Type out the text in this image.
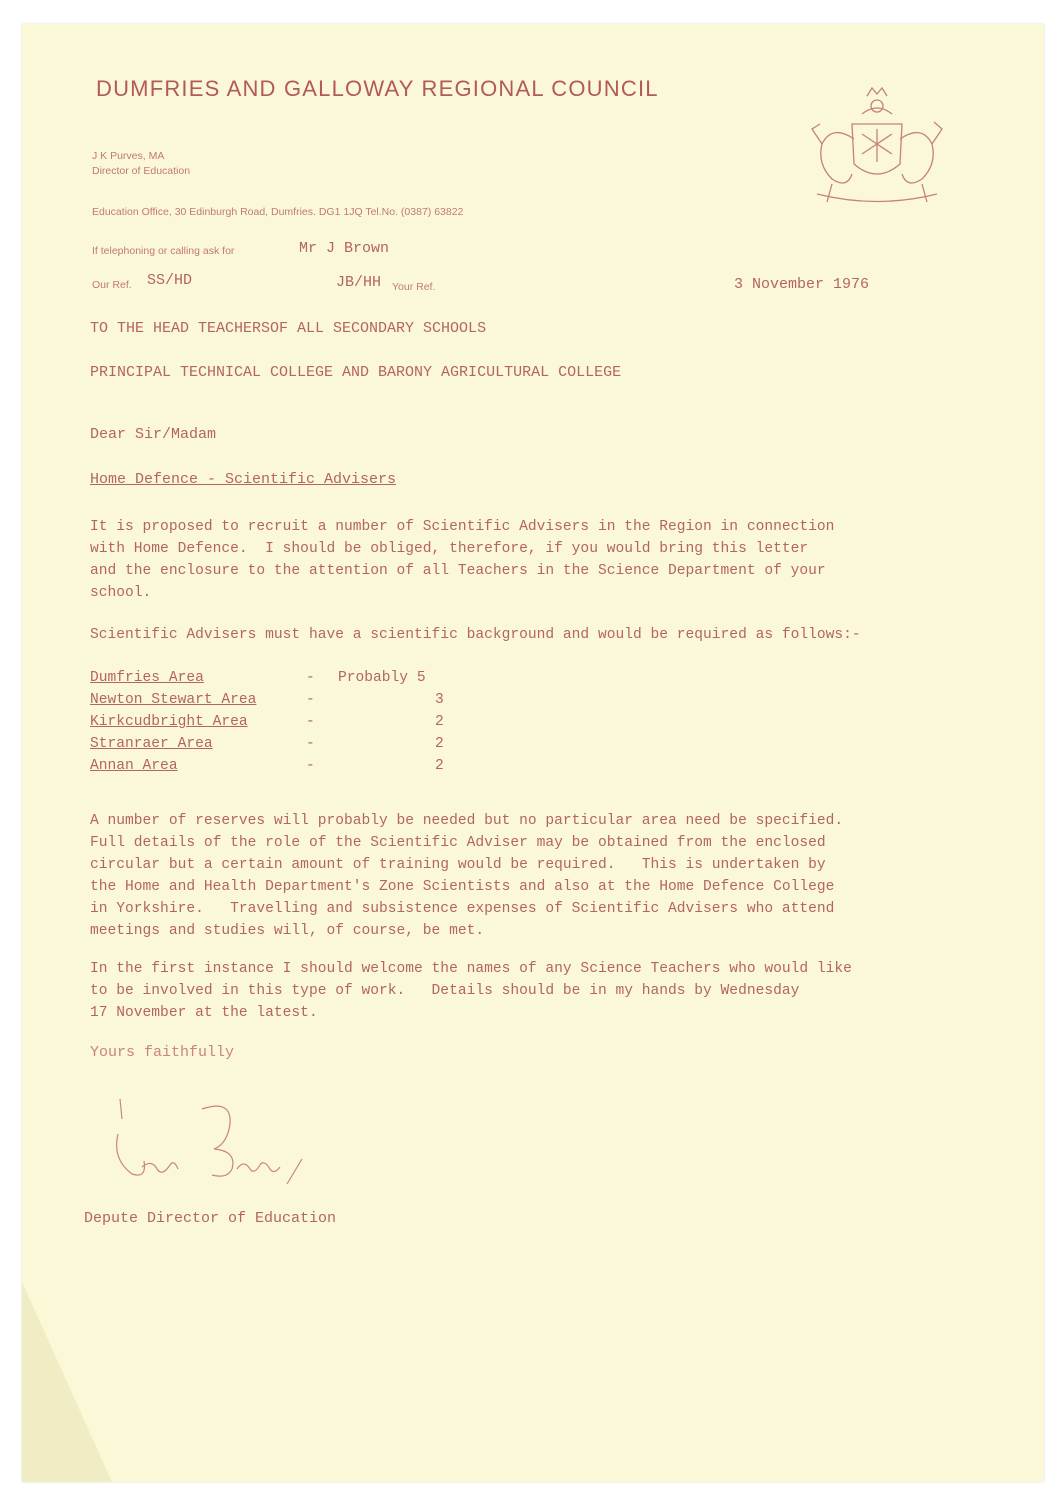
DUMFRIES AND GALLOWAY REGIONAL COUNCIL
J K Purves, MA
Director of Education
Education Office, 30 Edinburgh Road, Dumfries. DG1 1JQ Tel.No. (0387) 63822
If telephoning or calling ask for	Mr J Brown
Our Ref. SS/HD	JB/HH Your Ref.	3 November 1976
TO THE HEAD TEACHERSOF ALL SECONDARY SCHOOLS
PRINCIPAL TECHNICAL COLLEGE AND BARONY AGRICULTURAL COLLEGE
Dear Sir/Madam
Home Defence - Scientific Advisers
It is proposed to recruit a number of Scientific Advisers in the Region in connection
with Home Defence.  I should be obliged, therefore, if you would bring this letter
and the enclosure to the attention of all Teachers in the Science Department of your
school.
Scientific Advisers must have a scientific background and would be required as follows:-
Dumfries Area	- Probably 5
Newton Stewart Area	-	3
Kirkcudbright Area	-	2
Stranraer Area	-	2
Annan Area	-	2
A number of reserves will probably be needed but no particular area need be specified.
Full details of the role of the Scientific Adviser may be obtained from the enclosed
circular but a certain amount of training would be required.   This is undertaken by
the Home and Health Department's Zone Scientists and also at the Home Defence College
in Yorkshire.   Travelling and subsistence expenses of Scientific Advisers who attend
meetings and studies will, of course, be met.
In the first instance I should welcome the names of any Science Teachers who would like
to be involved in this type of work.   Details should be in my hands by Wednesday
17 November at the latest.
Yours faithfully
Depute Director of Education
